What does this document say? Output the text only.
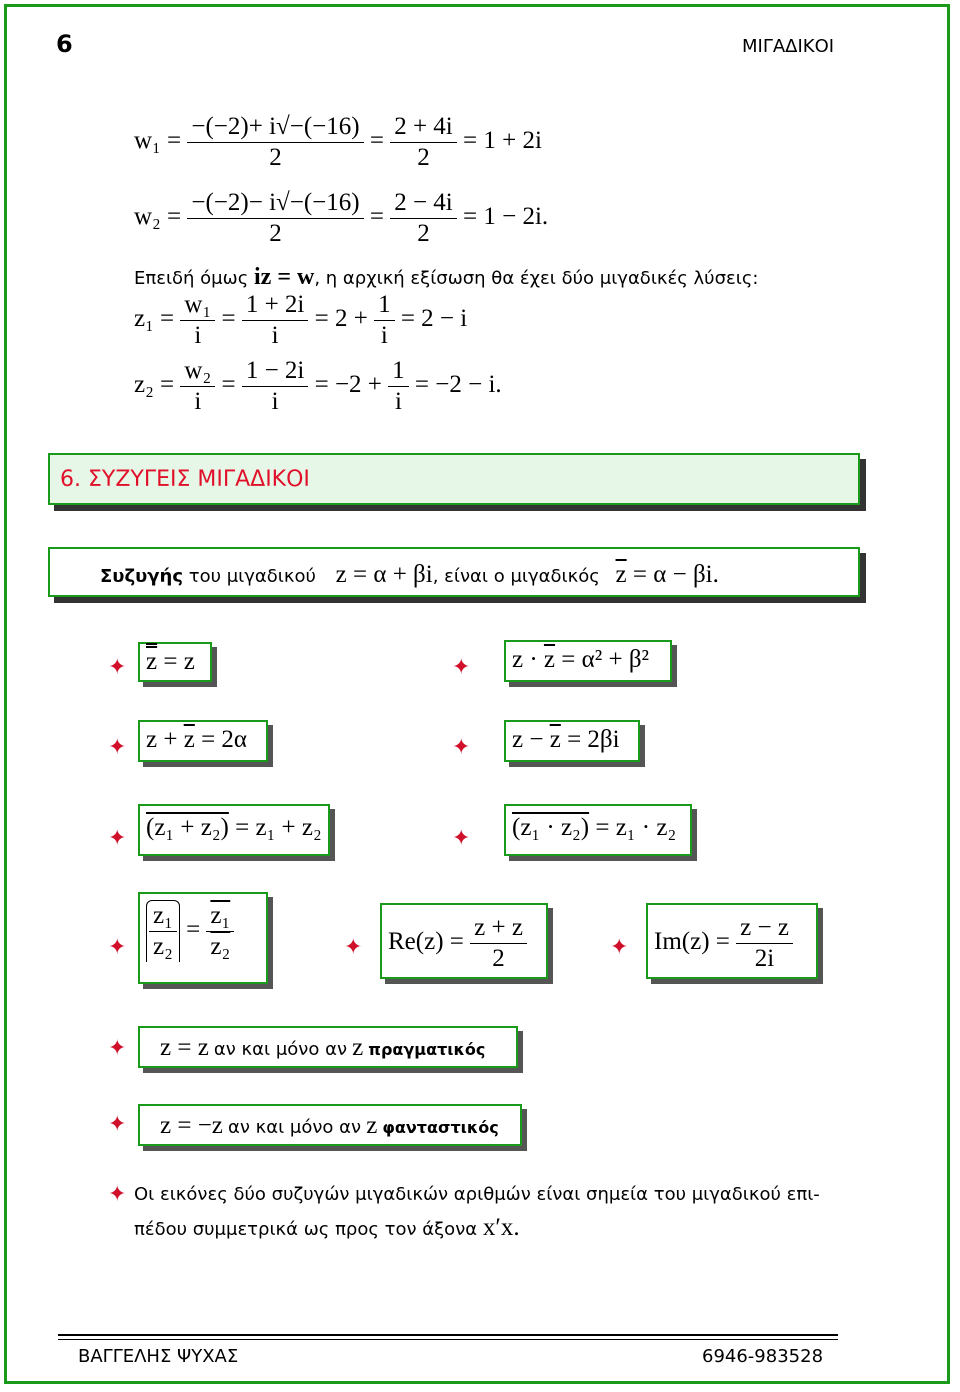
6	ΜΙΓΑΔΙΚΟΙ
$w_1 = \frac{-(-2)+ i√-(-16)}{2} = \frac{2 + 4i}{2} = 1 + 2i$
$w_2 = \frac{-(-2)- i√-(-16)}{2} = \frac{2 - 4i}{2} = 1 - 2i$.
Επειδή όμως iz = w, η αρχική εξίσωση θα έχει δύο μιγαδικές λύσεις:
$z_1 = \frac{\text{w₁}}{i} = \frac{1 + 2i}{i} = 2 + \frac{1}{i} = 2 - i$
$z_2 = \frac{\text{w₂}}{i} = \frac{1 - 2i}{i} = -2 + \frac{1}{i} = -2 - i$.
6. ΣΥΖΥΓΕΙΣ ΜΙΓΑΔΙΚΟΙ
Συζυγής του μιγαδικού z = α + βi, είναι ο μιγαδικός $\overline{z} = \alpha - \beta i$.
✦ z = z	✦	$z \cdot \overline{z} = \alpha^2 + \beta^2$
✦ $z + \overline{z} = 2\alpha$	✦	$z - \overline{z} = 2\beta i$
✦ (z₁ + z₂) = z₁ + z₂	✦	(z₁ · z₂) = z₁ · z₂
✦ $\frac{\text{z₁}}{\text{z₂}} = \frac{\text{z₁}}{\text{z₂}}$	✦	$Re(z) = \frac{z + z}{2}$	✦	$Im(z) = \frac{z - z}{2i}$
✦	z = z αν και μόνο αν z πραγματικός
✦	z = −z αν και μόνο αν z φανταστικός
✦ Οι εικόνες δύο συζυγών μιγαδικών αριθμών είναι σημεία του μιγαδικού επι-
πέδου συμμετρικά ως προς τον άξονα x′x.
ΒΑΓΓΕΛΗΣ ΨΥΧΑΣ	6946-983528
